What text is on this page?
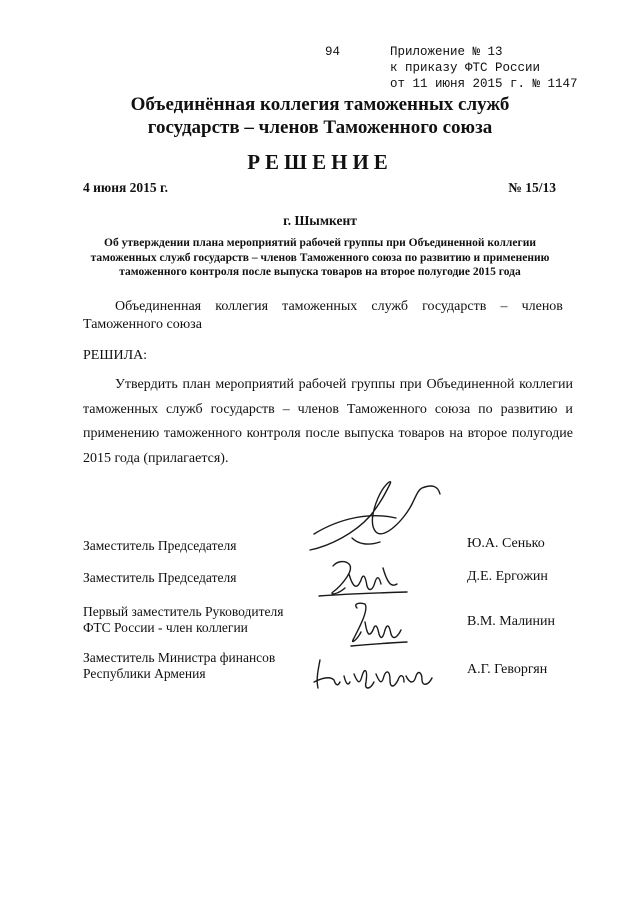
94	Приложение № 13
к приказу ФТС России
от 11 июня 2015 г. № 1147
Объединённая коллегия таможенных служб
государств – членов Таможенного союза
РЕШЕНИЕ
4 июня 2015 г.	№ 15/13
г. Шымкент
Об утверждении плана мероприятий рабочей группы при Объединенной коллегии
таможенных служб государств – членов Таможенного союза по развитию и применению
таможенного контроля после выпуска товаров на второе полугодие 2015 года
Объединенная коллегия таможенных служб государств – членов
Таможенного союза
РЕШИЛА:
Утвердить план мероприятий рабочей группы при Объединенной коллегии
таможенных служб государств – членов Таможенного союза по развитию и
применению таможенного контроля после выпуска товаров на второе полугодие
2015 года (прилагается).
Заместитель Председателя	Ю.А. Сенько
Заместитель Председателя	Д.Е. Ергожин
Первый заместитель Руководителя
ФТС России - член коллегии	В.М. Малинин
Заместитель Министра финансов
Республики Армения	А.Г. Геворгян
